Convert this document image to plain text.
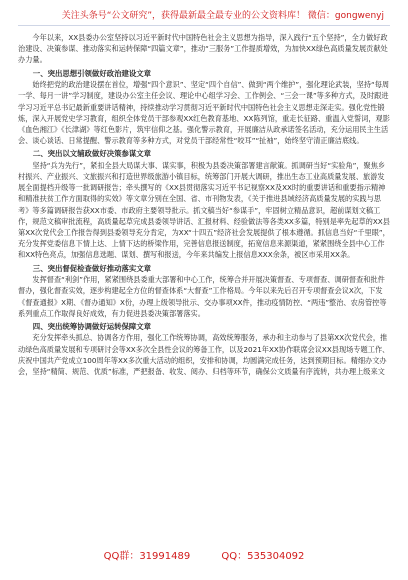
关注头条号“公文研究”，获得最新最全最专业的公文资料库！ 微信：gongwenyj

今年以来，XX县委办公室坚持以习近平新时代中国特色社会主义思想为指导，深入践行“五个坚持”，全力做好政治建设、决策参谋、推动落实和运转保障“四篇文章”，推动“三服务”工作提质增效，为加快XX绿色高质量发展贡献处办力量。

一、突出思想引领做好政治建设文章

始终把党的政治建设摆在首位，增强“四个意识”、坚定“四个自信”、做到“两个维护”，强化理论武装，坚持“每周一学、每月一讲”学习制度，建设办公室主任会议、理论中心组学习会、工作例会、“三会一课”等多种方式，及时跟进学习习近平总书记最新重要讲话精神，持续推动学习贯彻习近平新时代中国特色社会主义思想走深走实。强化党性锻炼，深入开展党史学习教育，组织全体党员干部参观XX红色教育基地、XX陈列馆，重走长征路、重温入党誓词，观影《血色湘江》《长津湖》等红色影片，筑牢信仰之基。强化警示教育，开展廉洁从政承诺签名活动，充分运用民主生活会、谈心谈话、日常提醒、警示教育等多种方式，对党员干部经常性“咬耳”“扯袖”，始终坚守清正廉洁底线。

二、突出以文辅政做好决策参谋文章

坚持“兵为先行”，紧扣全县大局谋大事、谋实事，积极为县委决策部署建言献策。抓调研当好“实验角”，聚焦乡村振兴、产业振兴、文旅振兴和打造世界级旅游小镇目标，统筹部门开展大调研，推出生态工业高质量发展、旅游发展全面提档升级等一批调研报告；牵头撰写的《XX县贯彻落实习近平书记视察XX及XX时的重要讲话和重要指示精神和精准扶贫工作方面取得的实效》等文章分别在全国、省、市刊物发表，《关于推进县域经济高质量发展的实践与思考》等多篇调研报告获XX市委、市政府主要领导批示。抓文稿当好“参谋手”，牢固树立精品意识，超前谋划文稿工作，规范文稿审批流程，高质量起草完成县委领导讲话、汇报材料、经验做法等各类XX多篇，特别是率先起草的XX县第XX次党代会工作报告得到县委领导充分肯定，为XX“十四五”经济社会发展提供了根本遵循。抓信息当好“千里眼”，充分发挥党委信息下情上达、上情下达的桥梁作用，完善信息报送制度，拓宽信息来源渠道，紧紧围绕全县中心工作和XX特色亮点，加强信息选题、谋划、撰写和报送，今年来共编发上报信息XXX余条，被区市采用XX条。

三、突出督促检查做好推动落实文章

发挥督查“利剑”作用，紧紧围绕县委重大部署和中心工作，统筹合并开展决策督查、专项督查、调研督查和批件督办，强化督查实效，逐步构建起全方位的督查体系“大督查”工作格局。今年以来先后召开专项督查会议X次，下发《督查通报》X期、《督办通知》X份，办理上级领导批示、交办事项XX件，推动疫情防控、“两违”整治、农房管控等系列重点工作取得良好成效，有力促进县委决策部署落实。

四、突出统筹协调做好运转保障文章

充分发挥牵头抓总、协调各方作用，强化工作统筹协调，高效统筹服务，承办和主动参与了县第XX次党代会，推动绿色高质量发展和专项研讨会等XX多次全县性会议的筹备工作，以及2021年XX协作联席会议XX县现场专题工作、庆祝中国共产党成立100周年等XX多次重大活动的组织，安排和协调，均圆满完成任务，达到预期目标。精细办文办会，坚持“精简、规范、优质”标准，严把报备、收发、阅办、归档等环节，确保公文质量有序流转，共办理上级来文

QQ群：31991489	QQ：535304092
